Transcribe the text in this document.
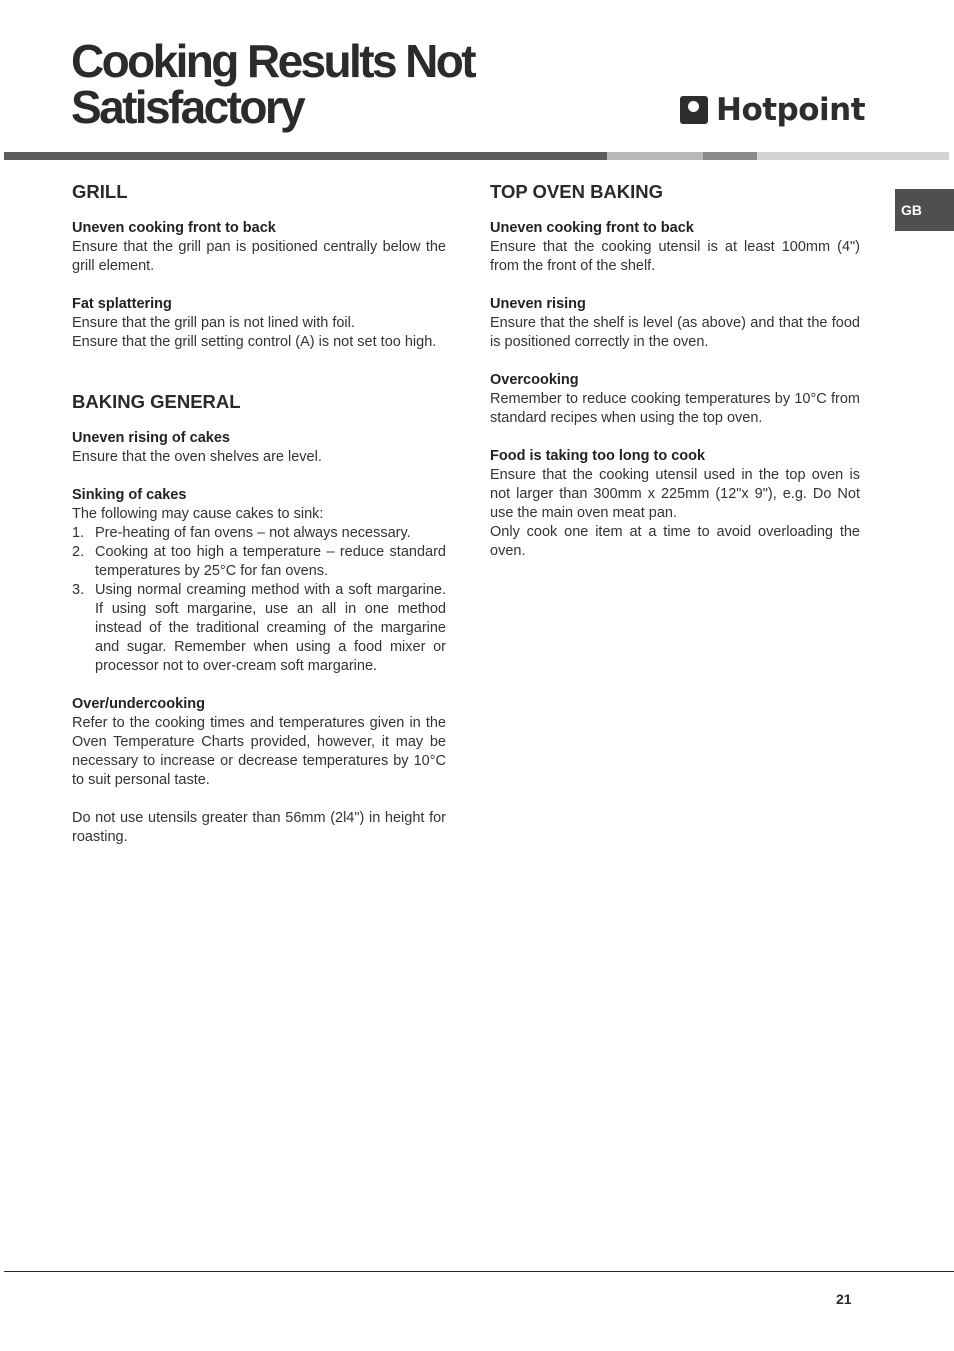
Cooking Results Not Satisfactory	Hotpoint
GB
GRILL

Uneven cooking front to back

Ensure that the grill pan is positioned centrally below the grill element.

Fat splattering

Ensure that the grill pan is not lined with foil.

Ensure that the grill setting control (A) is not set too high.

BAKING GENERAL

Uneven rising of cakes

Ensure that the oven shelves are level.

Sinking of cakes

The following may cause cakes to sink:

1. Pre-heating of fan ovens – not always necessary.
2. Cooking at too high a temperature – reduce standard temperatures by 25°C for fan ovens.
3. Using normal creaming method with a soft margarine. If using soft margarine, use an all in one method instead of the traditional creaming of the margarine and sugar. Remember when using a food mixer or processor not to over-cream soft margarine.

Over/undercooking

Refer to the cooking times and temperatures given in the Oven Temperature Charts provided, however, it may be necessary to increase or decrease temperatures by 10°C to suit personal taste.

Do not use utensils greater than 56mm (2l4") in height for roasting.

TOP OVEN BAKING

Uneven cooking front to back

Ensure that the cooking utensil is at least 100mm (4") from the front of the shelf.

Uneven rising

Ensure that the shelf is level (as above) and that the food is positioned correctly in the oven.

Overcooking

Remember to reduce cooking temperatures by 10°C from standard recipes when using the top oven.

Food is taking too long to cook

Ensure that the cooking utensil used in the top oven is not larger than 300mm x 225mm (12"x 9"), e.g. Do Not use the main oven meat pan.

Only cook one item at a time to avoid overloading the oven.

21
